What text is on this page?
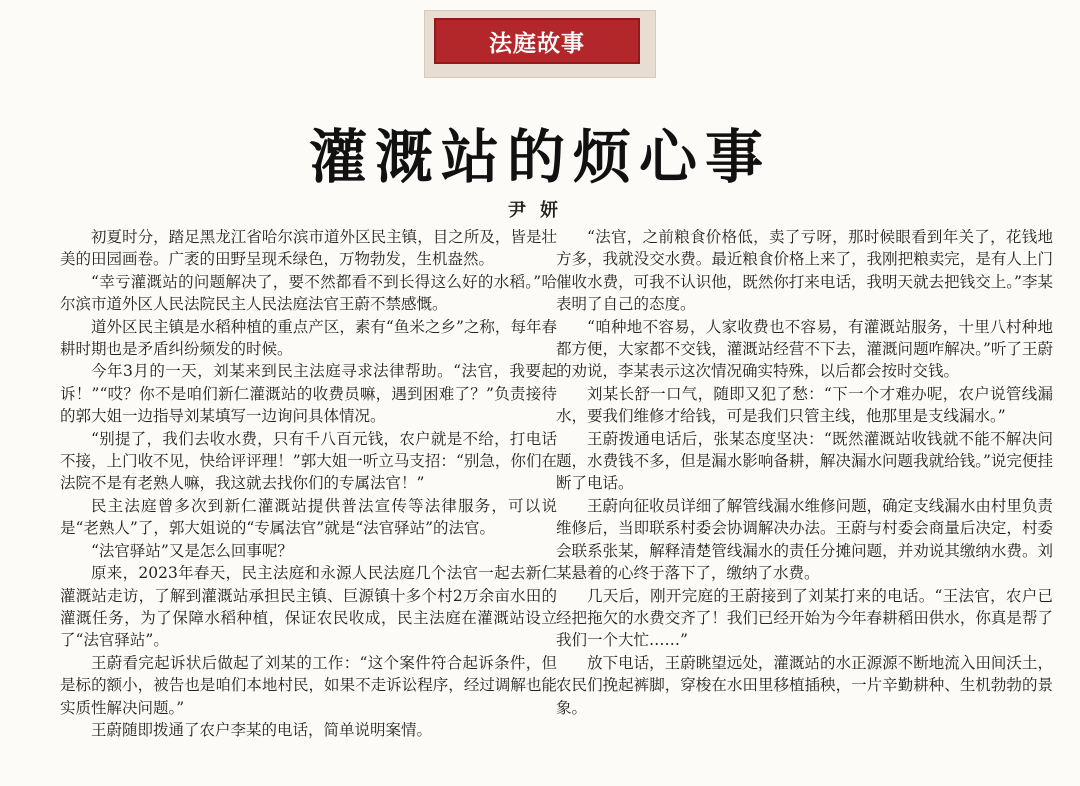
法庭故事
灌溉站的烦心事
尹妍

初夏时分，踏足黑龙江省哈尔滨市道外区民主镇，目之所及，皆是壮美的田园画卷。广袤的田野呈现禾绿色，万物勃发，生机盎然。

“幸亏灌溉站的问题解决了，要不然都看不到长得这么好的水稻。”哈尔滨市道外区人民法院民主人民法庭法官王蔚不禁感慨。

道外区民主镇是水稻种植的重点产区，素有“鱼米之乡”之称，每年春耕时期也是矛盾纠纷频发的时候。

今年3月的一天，刘某来到民主法庭寻求法律帮助。“法官，我要起诉！”“哎？你不是咱们新仁灌溉站的收费员嘛，遇到困难了？”负责接待的郭大姐一边指导刘某填写一边询问具体情况。

“别提了，我们去收水费，只有千八百元钱，农户就是不给，打电话不接，上门收不见，快给评评理！”郭大姐一听立马支招：“别急，你们在法院不是有老熟人嘛，我这就去找你们的专属法官！”

民主法庭曾多次到新仁灌溉站提供普法宣传等法律服务，可以说是“老熟人”了，郭大姐说的“专属法官”就是“法官驿站”的法官。

“法官驿站”又是怎么回事呢？

原来，2023年春天，民主法庭和永源人民法庭几个法官一起去新仁灌溉站走访，了解到灌溉站承担民主镇、巨源镇十多个村2万余亩水田的灌溉任务，为了保障水稻种植，保证农民收成，民主法庭在灌溉站设立了“法官驿站”。

王蔚看完起诉状后做起了刘某的工作：“这个案件符合起诉条件，但是标的额小，被告也是咱们本地村民，如果不走诉讼程序，经过调解也能实质性解决问题。”

王蔚随即拨通了农户李某的电话，简单说明案情。

“法官，之前粮食价格低，卖了亏呀，那时候眼看到年关了，花钱地方多，我就没交水费。最近粮食价格上来了，我刚把粮卖完，是有人上门催收水费，可我不认识他，既然你打来电话，我明天就去把钱交上。”李某表明了自己的态度。

“咱种地不容易，人家收费也不容易，有灌溉站服务，十里八村种地都方便，大家都不交钱，灌溉站经营不下去，灌溉问题咋解决。”听了王蔚的劝说，李某表示这次情况确实特殊，以后都会按时交钱。

刘某长舒一口气，随即又犯了愁：“下一个才难办呢，农户说管线漏水，要我们维修才给钱，可是我们只管主线，他那里是支线漏水。”

王蔚拨通电话后，张某态度坚决：“既然灌溉站收钱就不能不解决问题，水费钱不多，但是漏水影响备耕，解决漏水问题我就给钱。”说完便挂断了电话。

王蔚向征收员详细了解管线漏水维修问题，确定支线漏水由村里负责维修后，当即联系村委会协调解决办法。王蔚与村委会商量后决定，村委会联系张某，解释清楚管线漏水的责任分摊问题，并劝说其缴纳水费。刘某悬着的心终于落下了，缴纳了水费。

几天后，刚开完庭的王蔚接到了刘某打来的电话。“王法官，农户已经把拖欠的水费交齐了！我们已经开始为今年春耕稻田供水，你真是帮了我们一个大忙……”

放下电话，王蔚眺望远处，灌溉站的水正源源不断地流入田间沃土，农民们挽起裤脚，穿梭在水田里移植插秧，一片辛勤耕种、生机勃勃的景象。
